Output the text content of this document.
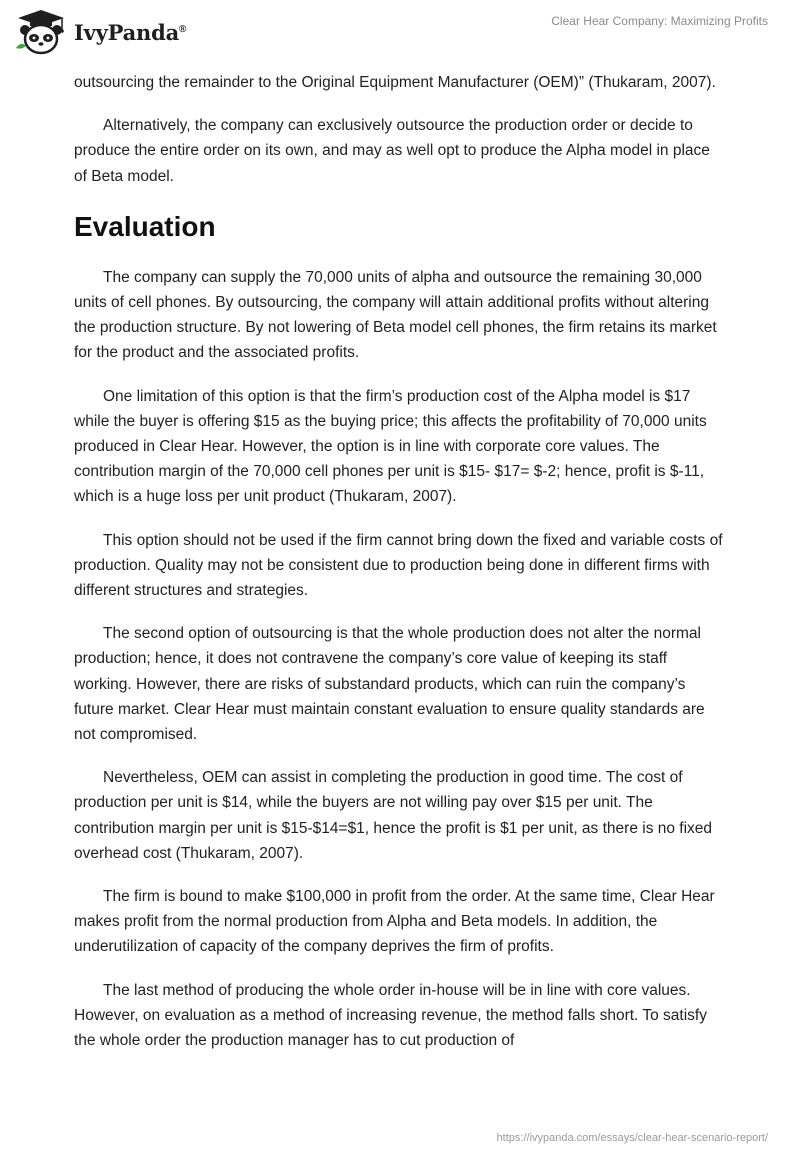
IvyPanda®
Clear Hear Company: Maximizing Profits

outsourcing the remainder to the Original Equipment Manufacturer (OEM)” (Thukaram, 2007).

Alternatively, the company can exclusively outsource the production order or decide to produce the entire order on its own, and may as well opt to produce the Alpha model in place of Beta model.

Evaluation

The company can supply the 70,000 units of alpha and outsource the remaining 30,000 units of cell phones. By outsourcing, the company will attain additional profits without altering the production structure. By not lowering of Beta model cell phones, the firm retains its market for the product and the associated profits.

One limitation of this option is that the firm’s production cost of the Alpha model is $17 while the buyer is offering $15 as the buying price; this affects the profitability of 70,000 units produced in Clear Hear. However, the option is in line with corporate core values. The contribution margin of the 70,000 cell phones per unit is $15- $17= $-2; hence, profit is $-11, which is a huge loss per unit product (Thukaram, 2007).

This option should not be used if the firm cannot bring down the fixed and variable costs of production. Quality may not be consistent due to production being done in different firms with different structures and strategies.

The second option of outsourcing is that the whole production does not alter the normal production; hence, it does not contravene the company’s core value of keeping its staff working. However, there are risks of substandard products, which can ruin the company’s future market. Clear Hear must maintain constant evaluation to ensure quality standards are not compromised.

Nevertheless, OEM can assist in completing the production in good time. The cost of production per unit is $14, while the buyers are not willing pay over $15 per unit. The contribution margin per unit is $15-$14=$1, hence the profit is $1 per unit, as there is no fixed overhead cost (Thukaram, 2007).

The firm is bound to make $100,000 in profit from the order. At the same time, Clear Hear makes profit from the normal production from Alpha and Beta models. In addition, the underutilization of capacity of the company deprives the firm of profits.

The last method of producing the whole order in-house will be in line with core values. However, on evaluation as a method of increasing revenue, the method falls short. To satisfy the whole order the production manager has to cut production of

https://ivypanda.com/essays/clear-hear-scenario-report/
